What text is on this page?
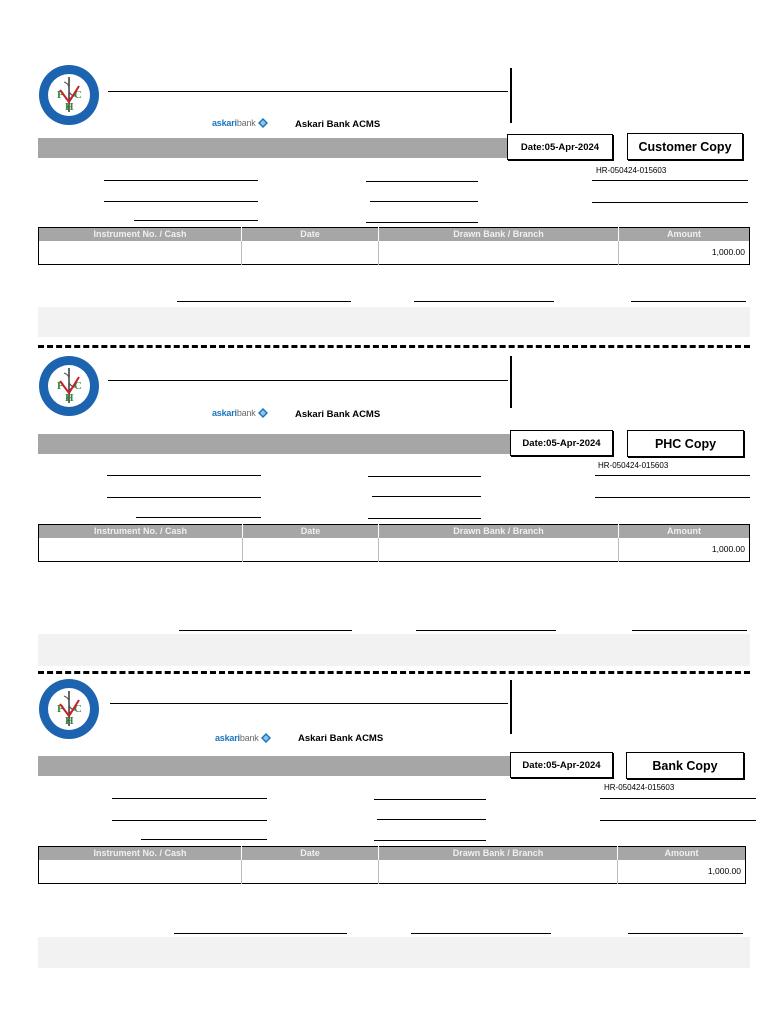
P C
H
askari bank	Askari Bank ACMS
Date:05-Apr-2024	Customer Copy
HR-050424-015603
Instrument No. / Cash	Date	Drawn Bank / Branch	Amount
			1,000.00
P C
H
askari bank	Askari Bank ACMS
Date:05-Apr-2024	PHC Copy
HR-050424-015603
Instrument No. / Cash	Date	Drawn Bank / Branch	Amount
			1,000.00
P C
H
askari bank	Askari Bank ACMS
Date:05-Apr-2024	Bank Copy
HR-050424-015603
Instrument No. / Cash	Date	Drawn Bank / Branch	Amount
			1,000.00
